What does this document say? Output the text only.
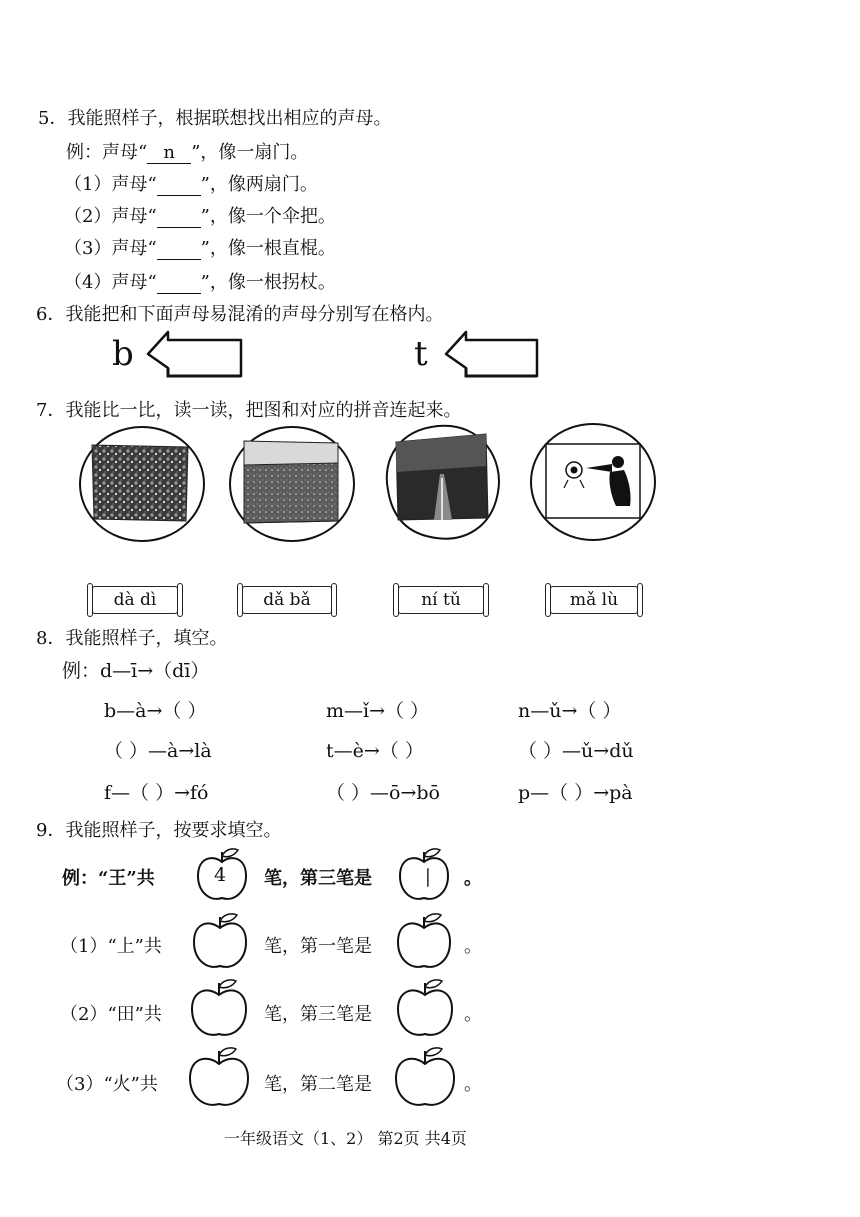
5．我能照样子，根据联想找出相应的声母。
例：声母“ n ”，像一扇门。
（1）声母“ ”，像两扇门。
（2）声母“ ”，像一个伞把。
（3）声母“ ”，像一根直棍。
（4）声母“ ”，像一根拐杖。
6．我能把和下面声母易混淆的声母分别写在格内。
b	t
7．我能比一比，读一读，把图和对应的拼音连起来。
dà dì	dǎ bǎ	ní tǔ	mǎ lù
8．我能照样子，填空。
例：d—ī→（dī）
b—à→（ ）	m—ǐ→（ ）	n—ǔ→（ ）
（ ）—à→là	t—è→（ ）	（ ）—ǔ→dǔ
f—（ ）→fó	（ ）—ō→bō	p—（ ）→pà
9．我能照样子，按要求填空。
例：“王”共	4 笔，第三笔是 丨 。
（1）“上”共	笔，第一笔是	。
（2）“田”共	笔，第三笔是	。
（3）“火”共	笔，第二笔是	。
一年级语文（1、2） 第2页 共4页
